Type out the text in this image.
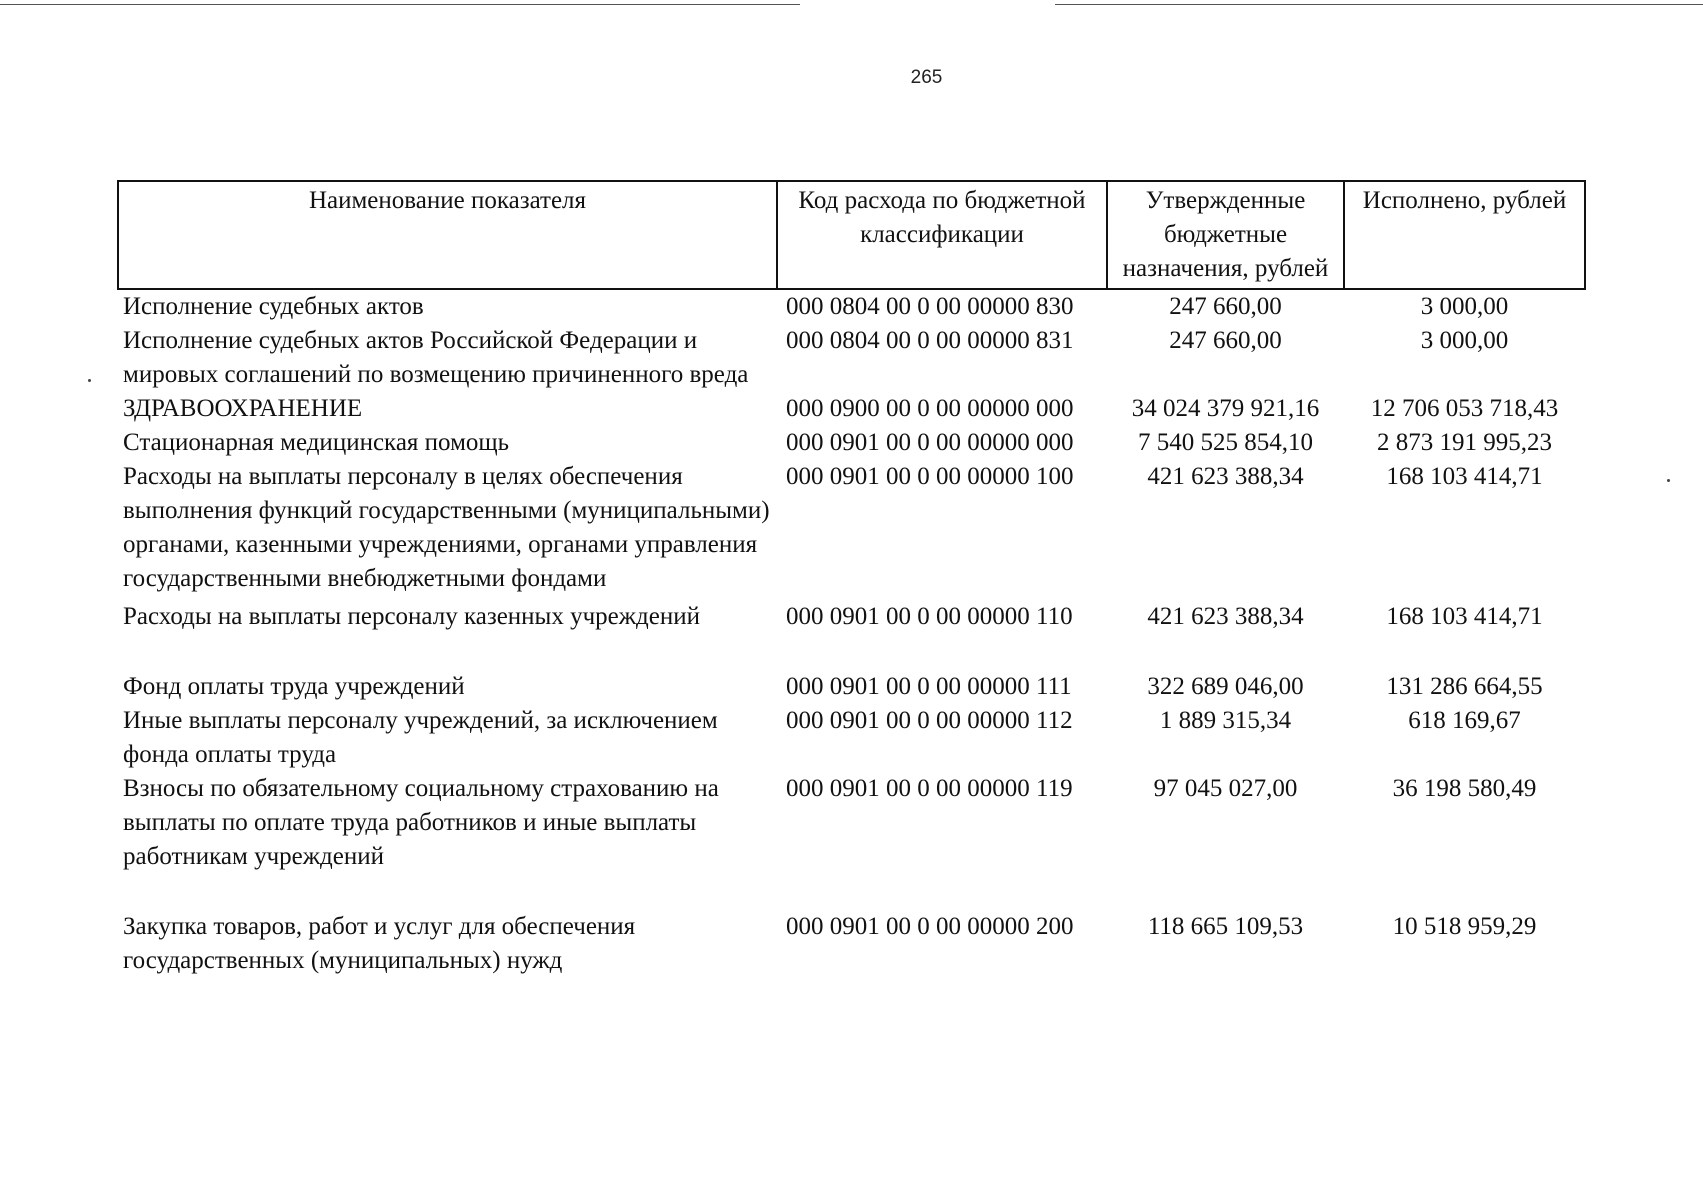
265
Наименование показателя	Код расхода по бюджетной классификации	Утвержденные бюджетные назначения, рублей	Исполнено, рублей
Исполнение судебных актов	000 0804 00 0 00 00000 830	247 660,00	3 000,00
Исполнение судебных актов Российской Федерации и мировых соглашений по возмещению причиненного вреда	000 0804 00 0 00 00000 831	247 660,00	3 000,00
ЗДРАВООХРАНЕНИЕ	000 0900 00 0 00 00000 000	34 024 379 921,16	12 706 053 718,43
Стационарная медицинская помощь	000 0901 00 0 00 00000 000	7 540 525 854,10	2 873 191 995,23
Расходы на выплаты персоналу в целях обеспечения выполнения функций государственными (муниципальными) органами, казенными учреждениями, органами управления государственными внебюджетными фондами	000 0901 00 0 00 00000 100	421 623 388,34	168 103 414,71
Расходы на выплаты персоналу казенных учреждений	000 0901 00 0 00 00000 110	421 623 388,34	168 103 414,71
Фонд оплаты труда учреждений	000 0901 00 0 00 00000 111	322 689 046,00	131 286 664,55
Иные выплаты персоналу учреждений, за исключением фонда оплаты труда	000 0901 00 0 00 00000 112	1 889 315,34	618 169,67
Взносы по обязательному социальному страхованию на выплаты по оплате труда работников и иные выплаты работникам учреждений	000 0901 00 0 00 00000 119	97 045 027,00	36 198 580,49
Закупка товаров, работ и услуг для обеспечения государственных (муниципальных) нужд	000 0901 00 0 00 00000 200	118 665 109,53	10 518 959,29
